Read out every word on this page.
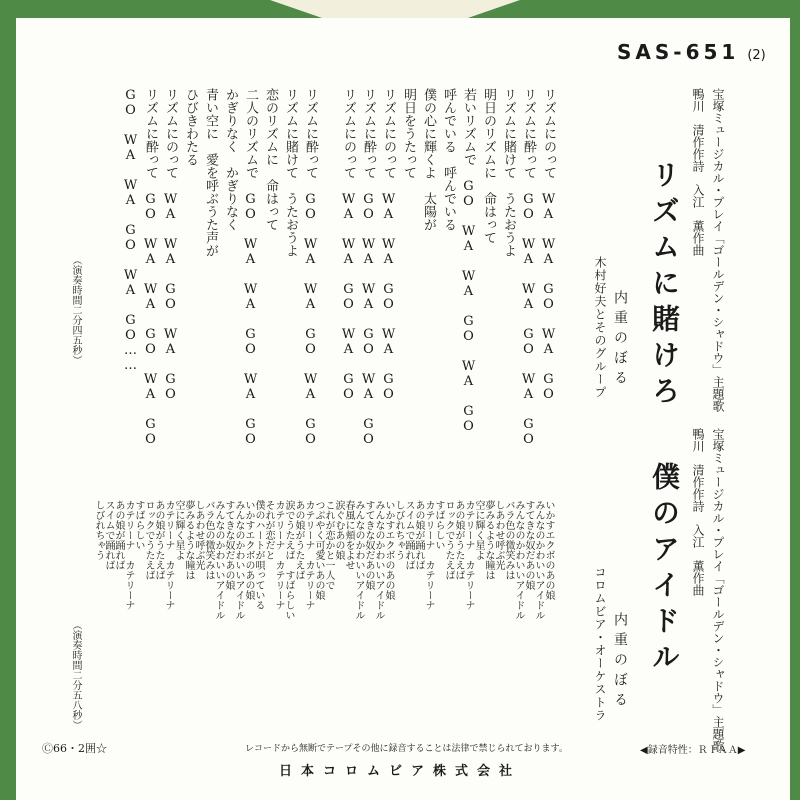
SAS-651 (2)
宝塚ミュージカル・プレイ「ゴールデン・シャドウ」主題歌
鴨川　清作作詩　入江　薫作曲
リズムに賭けろ
内重のぼる
木村好夫とそのグループ
リズムにのって　WA WA GO WA GO
リズムに酔って　GO WA WA GO WA GO
リズムに賭けて　うたおうよ
明日のリズムに　命はって
若いリズムで　GO WA WA GO WA GO
呼んでいる　呼んでいる
僕の心に輝くよ　太陽が
明日をうたって
リズムにのって　WA WA GO WA GO
リズムに酔って　GO WA WA GO WA GO
リズムにのって　WA WA GO WA GO
リズムに酔って　GO WA WA GO WA GO
リズムに賭けて　うたおうよ
恋のリズムに　命はって
二人のリズムで　GO WA WA GO WA GO
かぎりなく　かぎりなく
青い空に　愛を呼ぶうた声が
ひびきわたる
リズムにのって　WA WA GO WA GO
リズムに酔って　GO WA WA GO WA GO
GO WA WA GO WA GO……
（演奏時間二分四五秒）
宝塚ミュージカル・プレイ「ゴールデン・シャドウ」主題歌
鴨川　清作作詩　入江　薫作曲
僕のアイドル
内重のぼる
コロムビア・オーケストラ
いかすエクボのあの娘
みんなのかわいいアイドル
すてきな奴だあの娘
みんなのかわいいアイドル
バラ色の微笑みは
しあわせ呼ぶ光
夢みるような瞳は
空に輝く星よ
カテリーナ　カテリーナ
あの娘がうたえば
ロックでうたえば
すばらしい
カテリーナ　カテリーナ
あの娘が踊れば
スイムで踊れば
しびれちゃう
いかすエクボのあの娘
みんなのかわいいアイドル
すてきな奴だあの娘
みんなのかわいいアイドル
春風に頬をよせ
涙ぐむあの娘
これが恋かと一人で
つぶやく可愛いあの娘
カテリーナ　カテリーナ
あの娘がうたえば
涙でうたえば　すばらしい
カテリーナ　カテリーナ
それが恋だと
僕のハートが唄っている
いかすエクボのあの娘
みんなのかわいいアイドル
すてきな奴だあの娘
みんなのかわいいアイドル
バラ色の微笑みは
しあわせ呼ぶ光
夢みるような瞳は
空に輝く星よ
カテリーナ　カテリーナ
あの娘がうたえば
ロックでうたえば
すばらしい
カテリーナ　カテリーナ
あの娘が踊れば
スイムで踊れば
しびれちゃう
（演奏時間二分五八秒）
Ⓒ66・2囲☆	レコードから無断でテープその他に録音することは法律で禁じられております。	◀録音特性：ＲＩＡＡ▶
日本コロムビア株式会社
